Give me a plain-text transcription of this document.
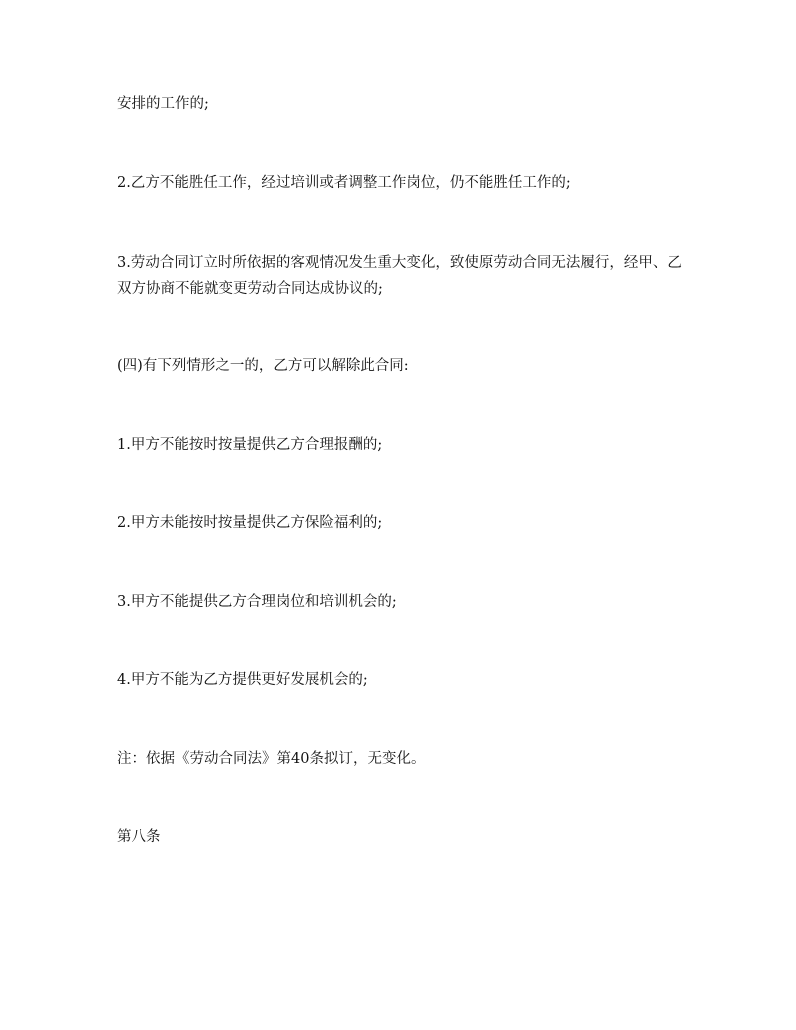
安排的工作的;

2.乙方不能胜任工作，经过培训或者调整工作岗位，仍不能胜任工作的;

3.劳动合同订立时所依据的客观情况发生重大变化，致使原劳动合同无法履行，经甲、乙双方协商不能就变更劳动合同达成协议的;

(四)有下列情形之一的，乙方可以解除此合同:

1.甲方不能按时按量提供乙方合理报酬的;

2.甲方未能按时按量提供乙方保险福利的;

3.甲方不能提供乙方合理岗位和培训机会的;

4.甲方不能为乙方提供更好发展机会的;

注：依据《劳动合同法》第40条拟订，无变化。

第八条
